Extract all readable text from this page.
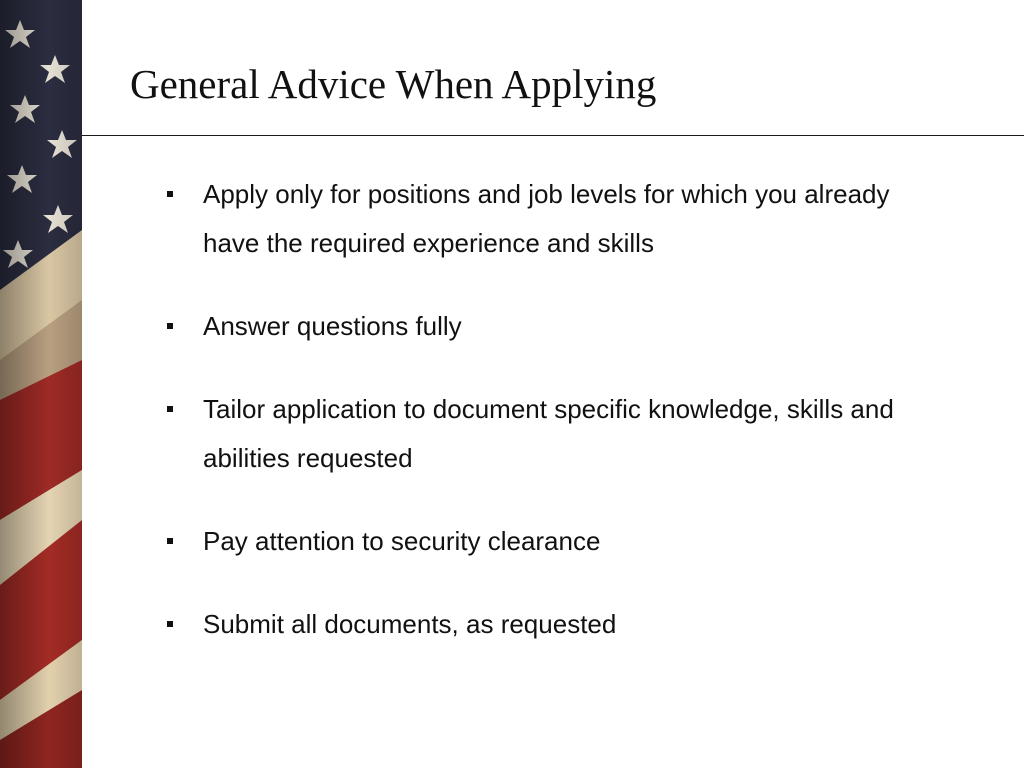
General Advice When Applying
Apply only for positions and job levels for which you already have the required experience and skills
Answer questions fully
Tailor application to document specific knowledge, skills and abilities requested
Pay attention to security clearance
Submit all documents, as requested
